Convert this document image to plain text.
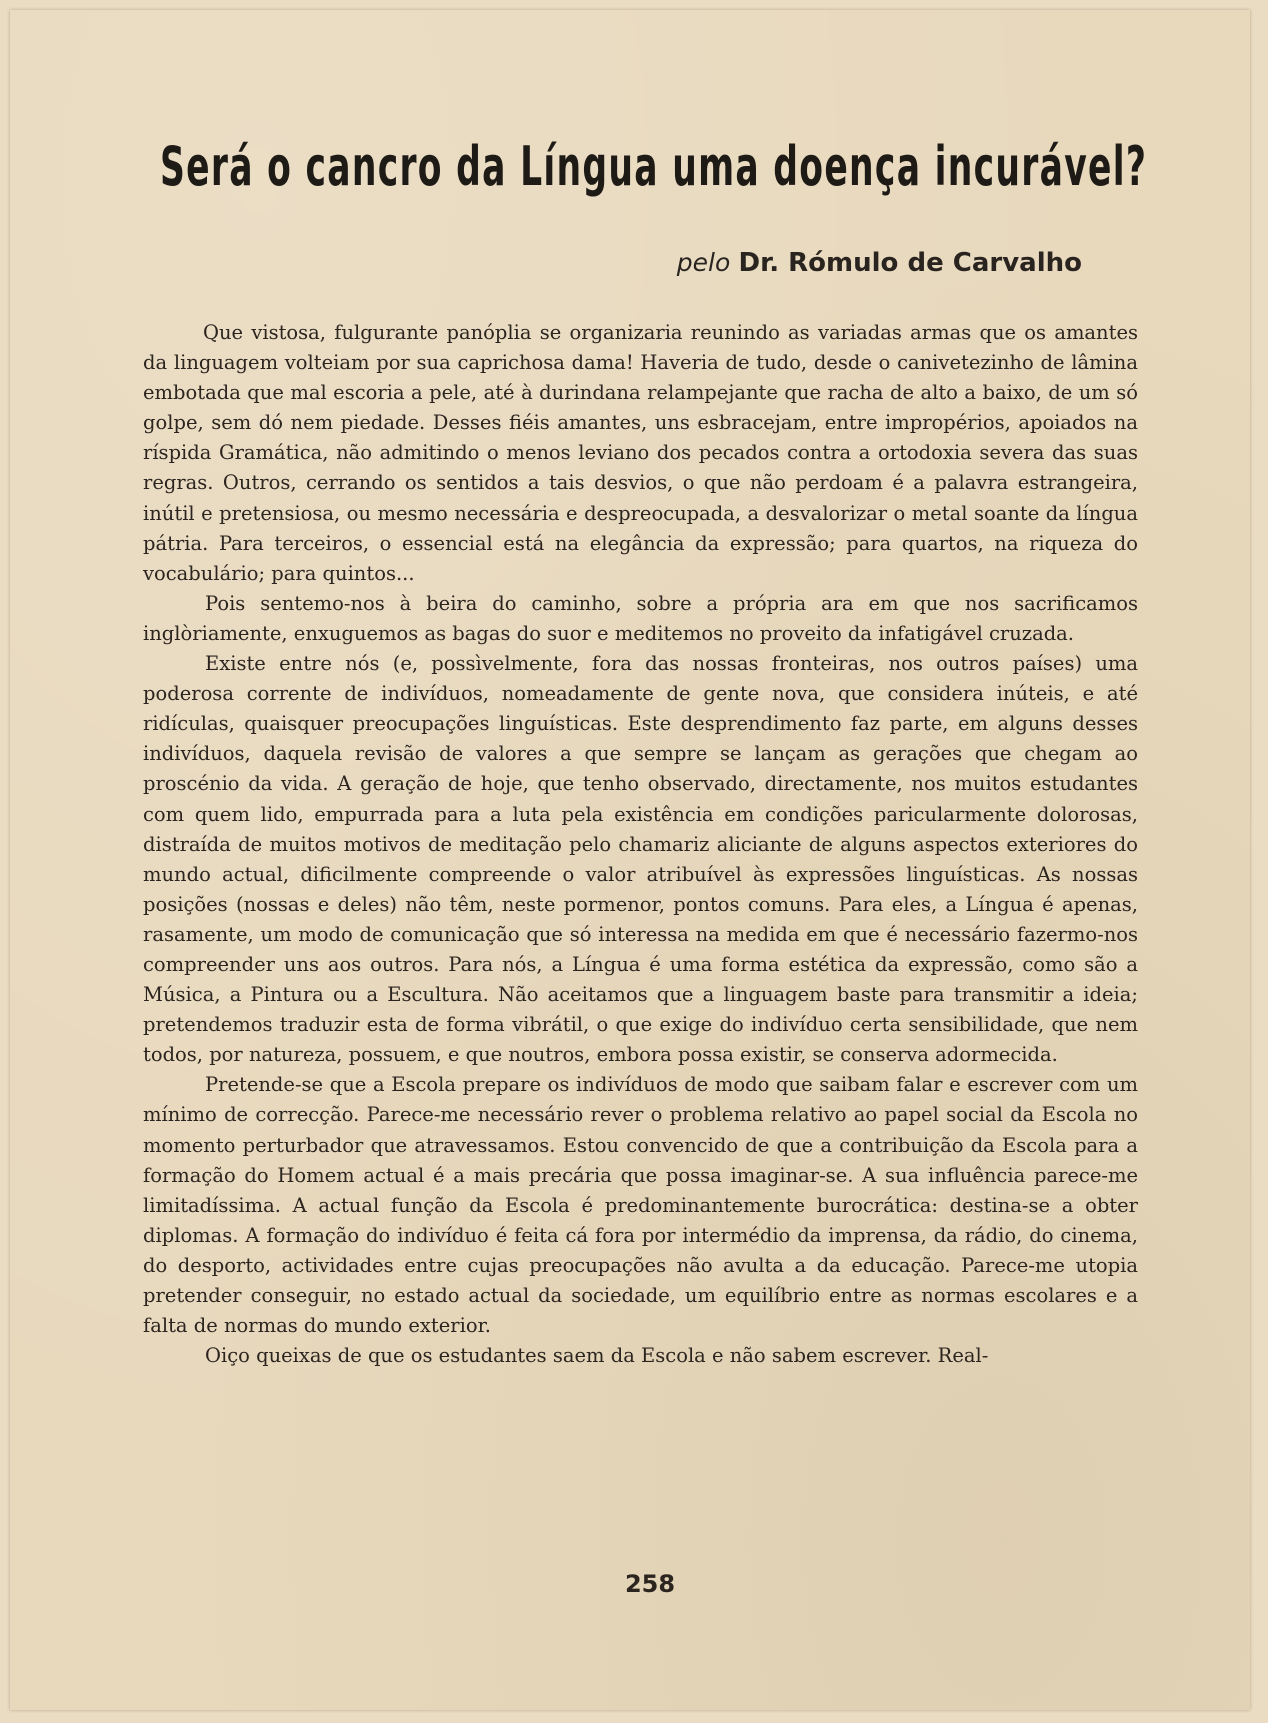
Será o cancro da Língua uma doença incurável?
pelo Dr. Rómulo de Carvalho

Que vistosa, fulgurante panóplia se organizaria reunindo as variadas armas que os amantes da linguagem volteiam por sua caprichosa dama! Haveria de tudo, desde o canivetezinho de lâmina embotada que mal escoria a pele, até à durindana relampejante que racha de alto a baixo, de um só golpe, sem dó nem piedade. Desses fiéis amantes, uns esbracejam, entre impropérios, apoiados na ríspida Gramática, não admitindo o menos leviano dos pecados contra a ortodoxia severa das suas regras. Outros, cerrando os sentidos a tais desvios, o que não perdoam é a palavra estrangeira, inútil e pretensiosa, ou mesmo necessária e despreocupada, a desvalorizar o metal soante da língua pátria. Para terceiros, o essencial está na elegância da expressão; para quartos, na riqueza do vocabulário; para quintos...

Pois sentemo-nos à beira do caminho, sobre a própria ara em que nos sacrificamos inglòriamente, enxuguemos as bagas do suor e meditemos no proveito da infatigável cruzada.

Existe entre nós (e, possìvelmente, fora das nossas fronteiras, nos outros países) uma poderosa corrente de indivíduos, nomeadamente de gente nova, que considera inúteis, e até ridículas, quaisquer preocupações linguísticas. Este desprendimento faz parte, em alguns desses indivíduos, daquela revisão de valores a que sempre se lançam as gerações que chegam ao proscénio da vida. A geração de hoje, que tenho observado, directamente, nos muitos estudantes com quem lido, empurrada para a luta pela existência em condições paricularmente dolorosas, distraída de muitos motivos de meditação pelo chamariz aliciante de alguns aspectos exteriores do mundo actual, dificilmente compreende o valor atribuível às expressões linguísticas. As nossas posições (nossas e deles) não têm, neste pormenor, pontos comuns. Para eles, a Língua é apenas, rasamente, um modo de comunicação que só interessa na medida em que é necessário fazermo-nos compreender uns aos outros. Para nós, a Língua é uma forma estética da expressão, como são a Música, a Pintura ou a Escultura. Não aceitamos que a linguagem baste para transmitir a ideia; pretendemos traduzir esta de forma vibrátil, o que exige do indivíduo certa sensibilidade, que nem todos, por natureza, possuem, e que noutros, embora possa existir, se conserva adormecida.

Pretende-se que a Escola prepare os indivíduos de modo que saibam falar e escrever com um mínimo de correcção. Parece-me necessário rever o problema relativo ao papel social da Escola no momento perturbador que atravessamos. Estou convencido de que a contribuição da Escola para a formação do Homem actual é a mais precária que possa imaginar-se. A sua influência parece-me limitadíssima. A actual função da Escola é predominantemente burocrática: destina-se a obter diplomas. A formação do indivíduo é feita cá fora por intermédio da imprensa, da rádio, do cinema, do desporto, actividades entre cujas preocupações não avulta a da educação. Parece-me utopia pretender conseguir, no estado actual da sociedade, um equilíbrio entre as normas escolares e a falta de normas do mundo exterior.

Oiço queixas de que os estudantes saem da Escola e não sabem escrever. Real-

258
